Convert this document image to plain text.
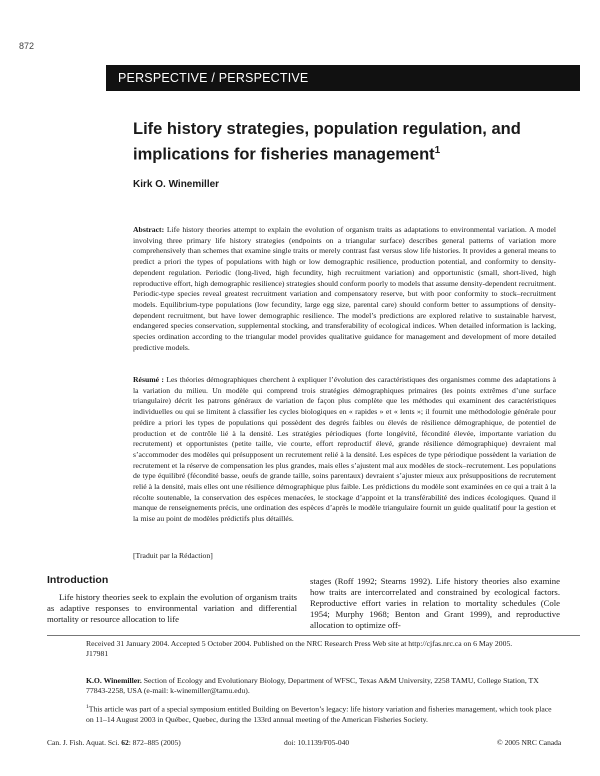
872
PERSPECTIVE / PERSPECTIVE
Life history strategies, population regulation, and implications for fisheries management$^1$
Kirk O. Winemiller
Abstract: Life history theories attempt to explain the evolution of organism traits as adaptations to environmental variation. A model involving three primary life history strategies (endpoints on a triangular surface) describes general patterns of variation more comprehensively than schemes that examine single traits or merely contrast fast versus slow life histories. It provides a general means to predict a priori the types of populations with high or low demographic resilience, production potential, and conformity to density-dependent regulation. Periodic (long-lived, high fecundity, high recruitment variation) and opportunistic (small, short-lived, high reproductive effort, high demographic resilience) strategies should conform poorly to models that assume density-dependent recruitment. Periodic-type species reveal greatest recruitment variation and compensatory reserve, but with poor conformity to stock–recruitment models. Equilibrium-type populations (low fecundity, large egg size, parental care) should conform better to assumptions of density-dependent recruitment, but have lower demographic resilience. The model’s predictions are explored relative to sustainable harvest, endangered species conservation, supplemental stocking, and transferability of ecological indices. When detailed information is lacking, species ordination according to the triangular model provides qualitative guidance for management and development of more detailed predictive models.
Résumé : Les théories démographiques cherchent à expliquer l’évolution des caractéristiques des organismes comme des adaptations à la variation du milieu. Un modèle qui comprend trois stratégies démographiques primaires (les points extrêmes d’une surface triangulaire) décrit les patrons généraux de variation de façon plus complète que les méthodes qui examinent des caractéristiques individuelles ou qui se limitent à classifier les cycles biologiques en « rapides » et « lents »; il fournit une méthodologie générale pour prédire a priori les types de populations qui possèdent des degrés faibles ou élevés de résilience démographique, de potentiel de production et de contrôle lié à la densité. Les stratégies périodiques (forte longévité, fécondité élevée, importante variation du recrutement) et opportunistes (petite taille, vie courte, effort reproductif élevé, grande résilience démographique) devraient mal s’accommoder des modèles qui présupposent un recrutement relié à la densité. Les espèces de type périodique possèdent la variation de recrutement et la réserve de compensation les plus grandes, mais elles s’ajustent mal aux modèles de stock–recrutement. Les populations de type équilibré (fécondité basse, oeufs de grande taille, soins parentaux) devraient s’ajuster mieux aux présuppositions de recrutement relié à la densité, mais elles ont une résilience démographique plus faible. Les prédictions du modèle sont examinées en ce qui a trait à la récolte soutenable, la conservation des espèces menacées, le stockage d’appoint et la transférabilité des indices écologiques. Quand il manque de renseignements précis, une ordination des espèces d’après le modèle triangulaire fournit un guide qualitatif pour la gestion et la mise au point de modèles prédictifs plus détaillés.
[Traduit par la Rédaction]
Introduction
Life history theories seek to explain the evolution of organism traits as adaptive responses to environmental variation and differential mortality or resource allocation to life
stages (Roff 1992; Stearns 1992). Life history theories also examine how traits are intercorrelated and constrained by ecological factors. Reproductive effort varies in relation to mortality schedules (Cole 1954; Murphy 1968; Benton and Grant 1999), and reproductive allocation to optimize off-
Received 31 January 2004. Accepted 5 October 2004. Published on the NRC Research Press Web site at http://cjfas.nrc.ca on 6 May 2005.
J17981
K.O. Winemiller. Section of Ecology and Evolutionary Biology, Department of WFSC, Texas A&M University, 2258 TAMU, College Station, TX 77843-2258, USA (e-mail: k-winemiller@tamu.edu).
$^1$This article was part of a special symposium entitled Building on Beverton’s legacy: life history variation and fisheries management, which took place on 11–14 August 2003 in Québec, Quebec, during the 133rd annual meeting of the American Fisheries Society.
Can. J. Fish. Aquat. Sci. 62: 872–885 (2005)	doi: 10.1139/F05-040	© 2005 NRC Canada
